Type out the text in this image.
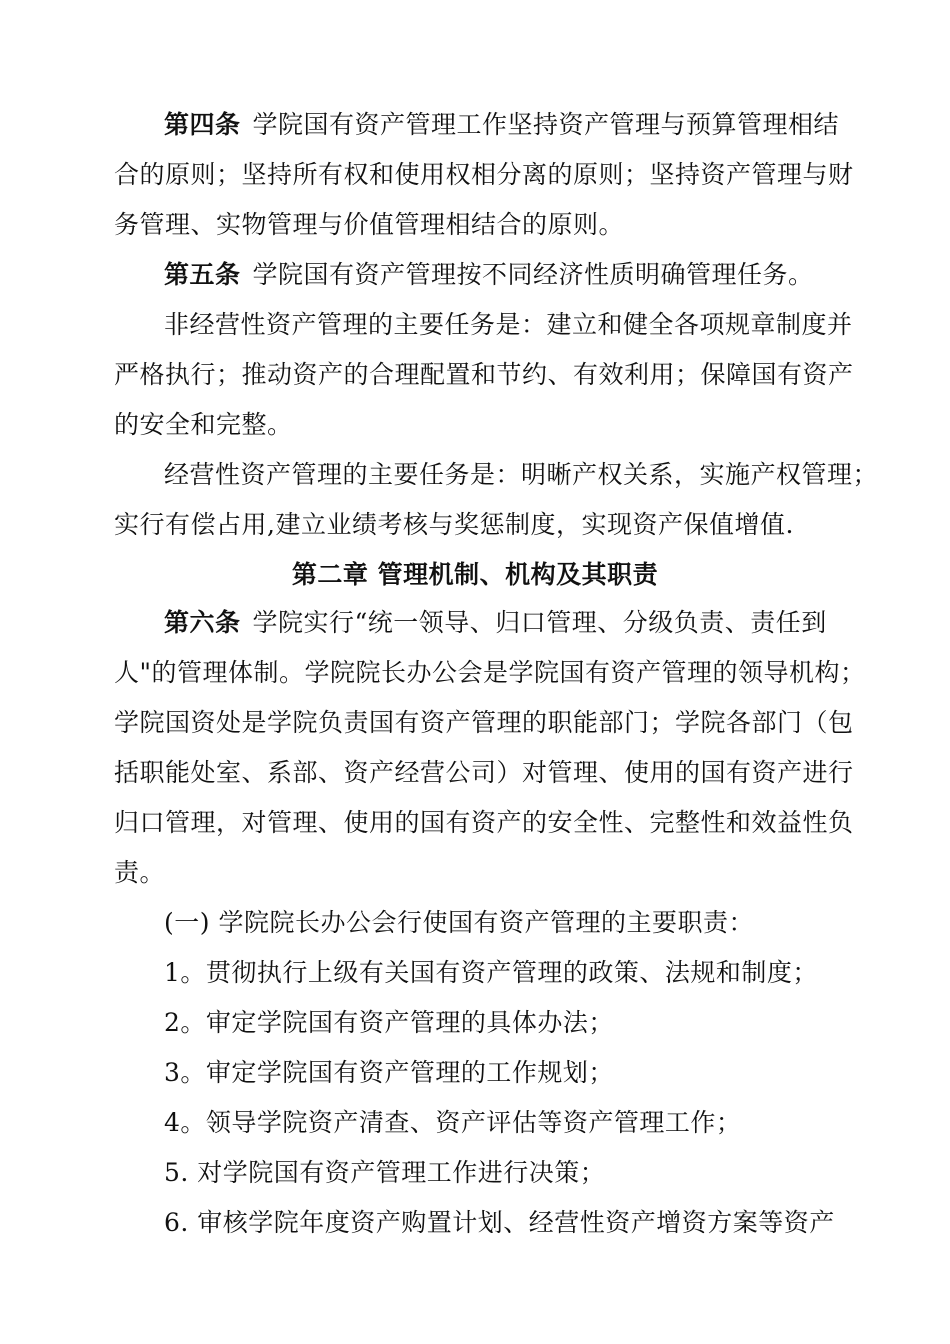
第四条 学院国有资产管理工作坚持资产管理与预算管理相结
合的原则；坚持所有权和使用权相分离的原则；坚持资产管理与财
务管理、实物管理与价值管理相结合的原则。
第五条 学院国有资产管理按不同经济性质明确管理任务。
非经营性资产管理的主要任务是：建立和健全各项规章制度并
严格执行；推动资产的合理配置和节约、有效利用；保障国有资产
的安全和完整。
经营性资产管理的主要任务是：明晰产权关系，实施产权管理；
实行有偿占用,建立业绩考核与奖惩制度，实现资产保值增值.
第二章 管理机制、机构及其职责
第六条 学院实行“统一领导、归口管理、分级负责、责任到
人"的管理体制。学院院长办公会是学院国有资产管理的领导机构；
学院国资处是学院负责国有资产管理的职能部门；学院各部门（包
括职能处室、系部、资产经营公司）对管理、使用的国有资产进行
归口管理，对管理、使用的国有资产的安全性、完整性和效益性负
责。
(一) 学院院长办公会行使国有资产管理的主要职责：
1。贯彻执行上级有关国有资产管理的政策、法规和制度；
2。审定学院国有资产管理的具体办法；
3。审定学院国有资产管理的工作规划；
4。领导学院资产清查、资产评估等资产管理工作；
5. 对学院国有资产管理工作进行决策；
6. 审核学院年度资产购置计划、经营性资产增资方案等资产
